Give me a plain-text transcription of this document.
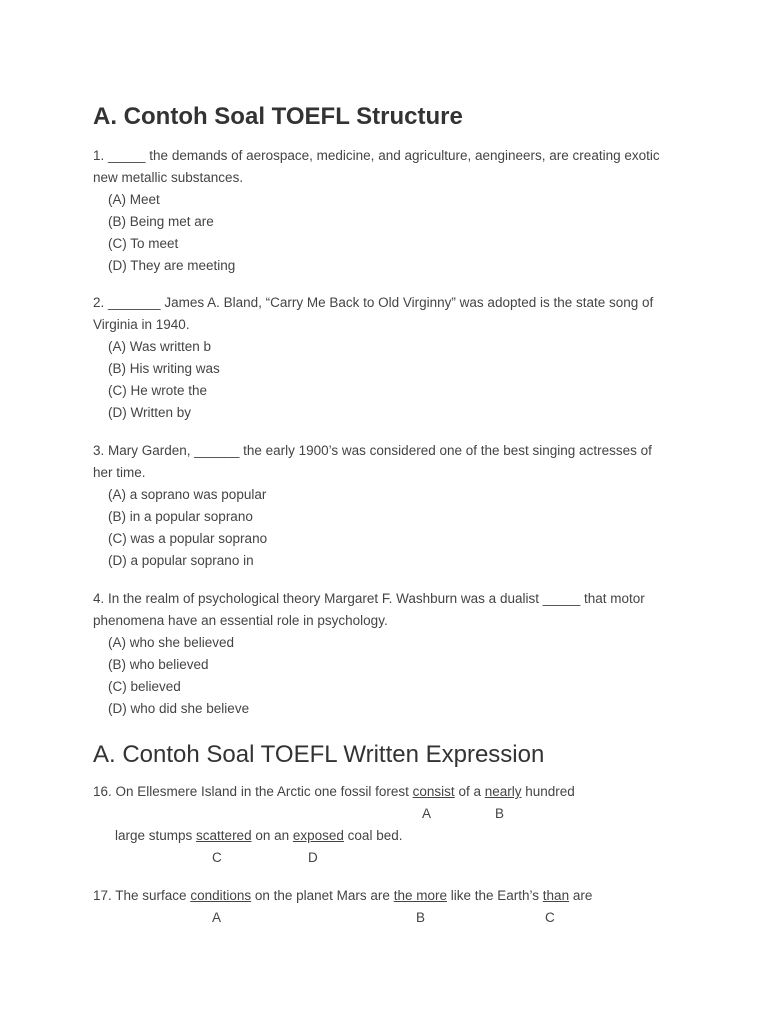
A. Contoh Soal TOEFL Structure

1. _____ the demands of aerospace, medicine, and agriculture, aengineers, are creating exotic new metallic substances.

(A) Meet

(B) Being met are

(C) To meet

(D) They are meeting

2. _______ James A. Bland, “Carry Me Back to Old Virginny” was adopted is the state song of Virginia in 1940.

(A) Was written b

(B) His writing was

(C) He wrote the

(D) Written by

3. Mary Garden, ______ the early 1900’s was considered one of the best singing actresses of her time.

(A) a soprano was popular

(B) in a popular soprano

(C) was a popular soprano

(D) a popular soprano in

4. In the realm of psychological theory Margaret F. Washburn was a dualist _____ that motor phenomena have an essential role in psychology.

(A) who she believed

(B) who believed

(C) believed

(D) who did she believe

A. Contoh Soal TOEFL Written Expression
16. On Ellesmere Island in the Arctic one fossil forest consist of a nearly hundred
A	B
large stumps scattered on an exposed coal bed.
C	D
17. The surface conditions on the planet Mars are the more like the Earth’s than are
A	B	C
